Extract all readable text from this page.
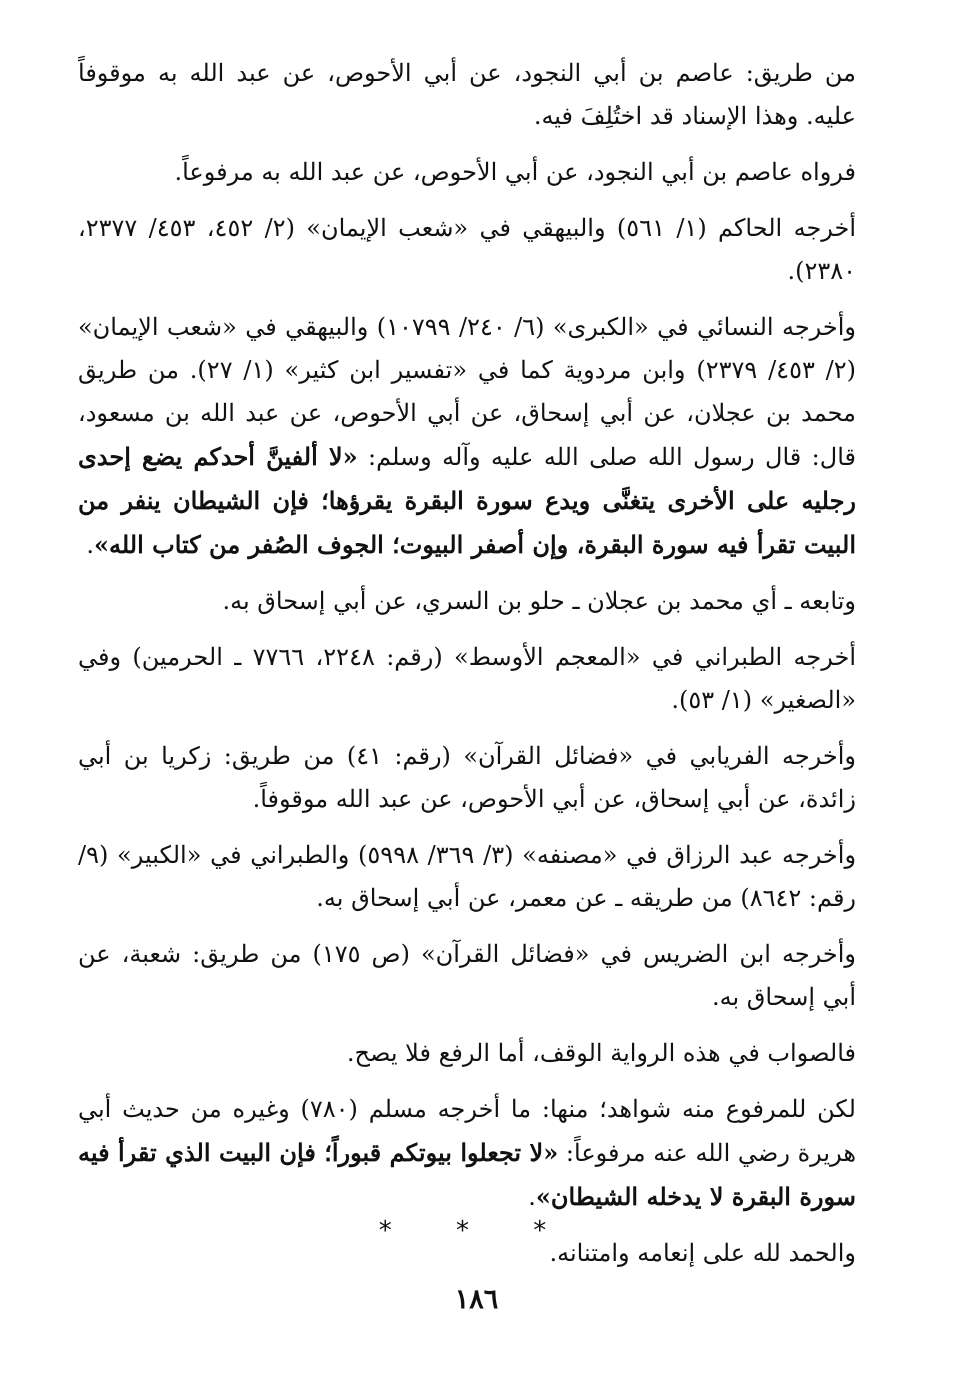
من طريق: عاصم بن أبي النجود، عن أبي الأحوص، عن عبد الله به موقوفاً عليه. وهذا الإسناد قد اختُلِفَ فيه.

فرواه عاصم بن أبي النجود، عن أبي الأحوص، عن عبد الله به مرفوعاً.

أخرجه الحاكم (١/ ٥٦١) والبيهقي في «شعب الإيمان» (٢/ ٤٥٢، ٤٥٣/ ٢٣٧٧، ٢٣٨٠).

وأخرجه النسائي في «الكبرى» (٦/ ٢٤٠/ ١٠٧٩٩) والبيهقي في «شعب الإيمان» (٢/ ٤٥٣/ ٢٣٧٩) وابن مردوية كما في «تفسير ابن كثير» (١/ ٢٧). من طريق محمد بن عجلان، عن أبي إسحاق، عن أبي الأحوص، عن عبد الله بن مسعود، قال: قال رسول الله صلى الله عليه وآله وسلم: «لا ألفينَّ أحدكم يضع إحدى رجليه على الأخرى يتغنَّى ويدع سورة البقرة يقرؤها؛ فإن الشيطان ينفر من البيت تقرأ فيه سورة البقرة، وإن أصفر البيوت؛ الجوف الصُفر من كتاب الله».

وتابعه ـ أي محمد بن عجلان ـ حلو بن السري، عن أبي إسحاق به.

أخرجه الطبراني في «المعجم الأوسط» (رقم: ٢٢٤٨، ٧٧٦٦ ـ الحرمين) وفي «الصغير» (١/ ٥٣).

وأخرجه الفريابي في «فضائل القرآن» (رقم: ٤١) من طريق: زكريا بن أبي زائدة، عن أبي إسحاق، عن أبي الأحوص، عن عبد الله موقوفاً.

وأخرجه عبد الرزاق في «مصنفه» (٣/ ٣٦٩/ ٥٩٩٨) والطبراني في «الكبير» (٩/ رقم: ٨٦٤٢) من طريقه ـ عن معمر، عن أبي إسحاق به.

وأخرجه ابن الضريس في «فضائل القرآن» (ص ١٧٥) من طريق: شعبة، عن أبي إسحاق به.

فالصواب في هذه الرواية الوقف، أما الرفع فلا يصح.

لكن للمرفوع منه شواهد؛ منها: ما أخرجه مسلم (٧٨٠) وغيره من حديث أبي هريرة رضي الله عنه مرفوعاً: «لا تجعلوا بيوتكم قبوراً؛ فإن البيت الذي تقرأ فيه سورة البقرة لا يدخله الشيطان».

والحمد لله على إنعامه وامتنانه.

* * *
١٨٦
